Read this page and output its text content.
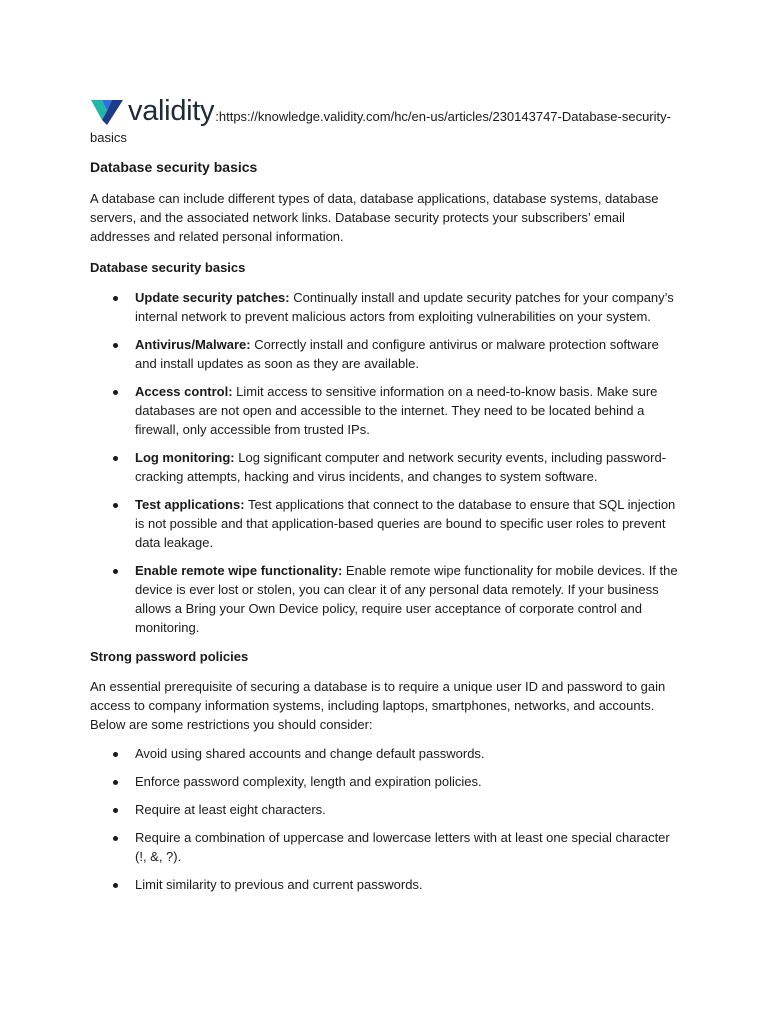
validity :https://knowledge.validity.com/hc/en-us/articles/230143747-Database-security-
basics
Database security basics

A database can include different types of data, database applications, database systems, database servers, and the associated network links. Database security protects your subscribers’ email addresses and related personal information.

Database security basics
Update security patches: Continually install and update security patches for your company’s internal network to prevent malicious actors from exploiting vulnerabilities on your system.
Antivirus/Malware: Correctly install and configure antivirus or malware protection software and install updates as soon as they are available.
Access control: Limit access to sensitive information on a need-to-know basis. Make sure databases are not open and accessible to the internet. They need to be located behind a firewall, only accessible from trusted IPs.
Log monitoring: Log significant computer and network security events, including password-cracking attempts, hacking and virus incidents, and changes to system software.
Test applications: Test applications that connect to the database to ensure that SQL injection is not possible and that application-based queries are bound to specific user roles to prevent data leakage.
Enable remote wipe functionality: Enable remote wipe functionality for mobile devices. If the device is ever lost or stolen, you can clear it of any personal data remotely. If your business allows a Bring your Own Device policy, require user acceptance of corporate control and monitoring.
Strong password policies

An essential prerequisite of securing a database is to require a unique user ID and password to gain access to company information systems, including laptops, smartphones, networks, and accounts. Below are some restrictions you should consider:

Avoid using shared accounts and change default passwords.
Enforce password complexity, length and expiration policies.
Require at least eight characters.
Require a combination of uppercase and lowercase letters with at least one special character (!, &, ?).
Limit similarity to previous and current passwords.
